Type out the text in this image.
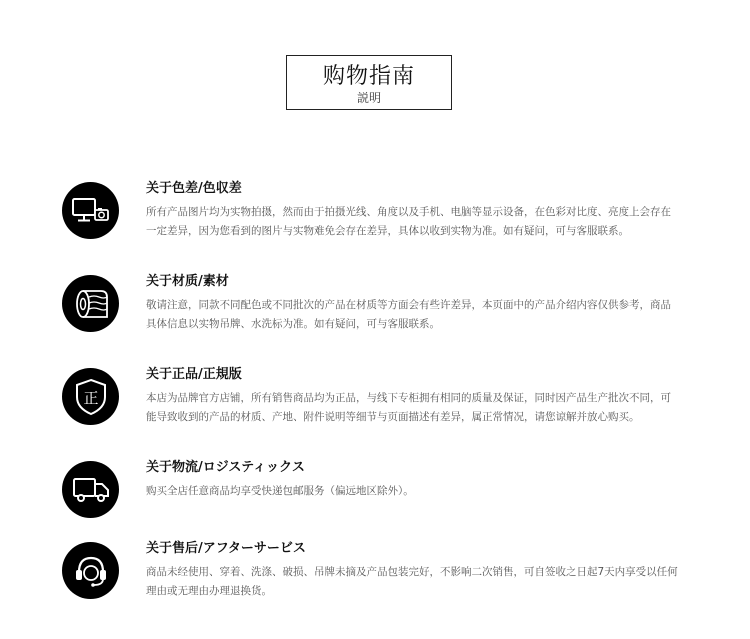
购物指南
説明
关于色差/色収差
所有产品图片均为实物拍摄，然而由于拍摄光线、角度以及手机、电脑等显示设备，在色彩对比度、亮度上会存在一定差异，因为您看到的图片与实物难免会存在差异，具体以收到实物为准。如有疑问，可与客服联系。
关于材质/素材
敬请注意，同款不同配色或不同批次的产品在材质等方面会有些许差异，本页面中的产品介绍内容仅供参考，商品具体信息以实物吊牌、水洗标为准。如有疑问，可与客服联系。
正
关于正品/正規版
本店为品牌官方店铺，所有销售商品均为正品，与线下专柜拥有相同的质量及保证，同时因产品生产批次不同，可能导致收到的产品的材质、产地、附件说明等细节与页面描述有差异，属正常情况，请您谅解并放心购买。
关于物流/ロジスティックス
购买全店任意商品均享受快递包邮服务（偏远地区除外）。
关于售后/アフターサービス
商品未经使用、穿着、洗涤、破损、吊牌未摘及产品包装完好，不影响二次销售，可自签收之日起7天内享受以任何理由或无理由办理退换货。
